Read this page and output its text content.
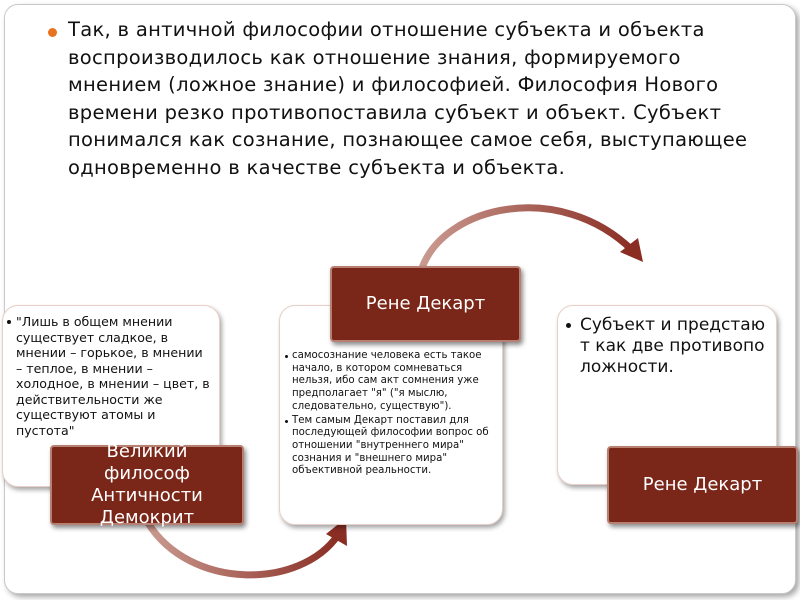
Так, в античной философии отношение субъекта и объекта воспроизводилось как отношение знания, формируемого мнением (ложное знание) и философией. Философия Нового времени резко противопоставила субъект и объект. Субъект понимался как сознание, познающее самое себя, выступающее одновременно в качестве субъекта и объекта.
"Лишь в общем мнении существует сладкое, в мнении – горькое, в мнении – теплое, в мнении – холодное, в мнении – цвет, в действительности же существуют атомы и пустота"
самосознание человека есть такое начало, в котором сомневаться нельзя, ибо сам акт сомнения уже предполагает "я" ("я мыслю, следовательно, существую").
Тем самым Декарт поставил для последующей философии вопрос об отношении "внутреннего мира" сознания и "внешнего мира" объективной реальности.
Субъект и предстают как две противоположности.
Рене Декарт
Великий
философ
Античности
Демокрит
Рене Декарт
